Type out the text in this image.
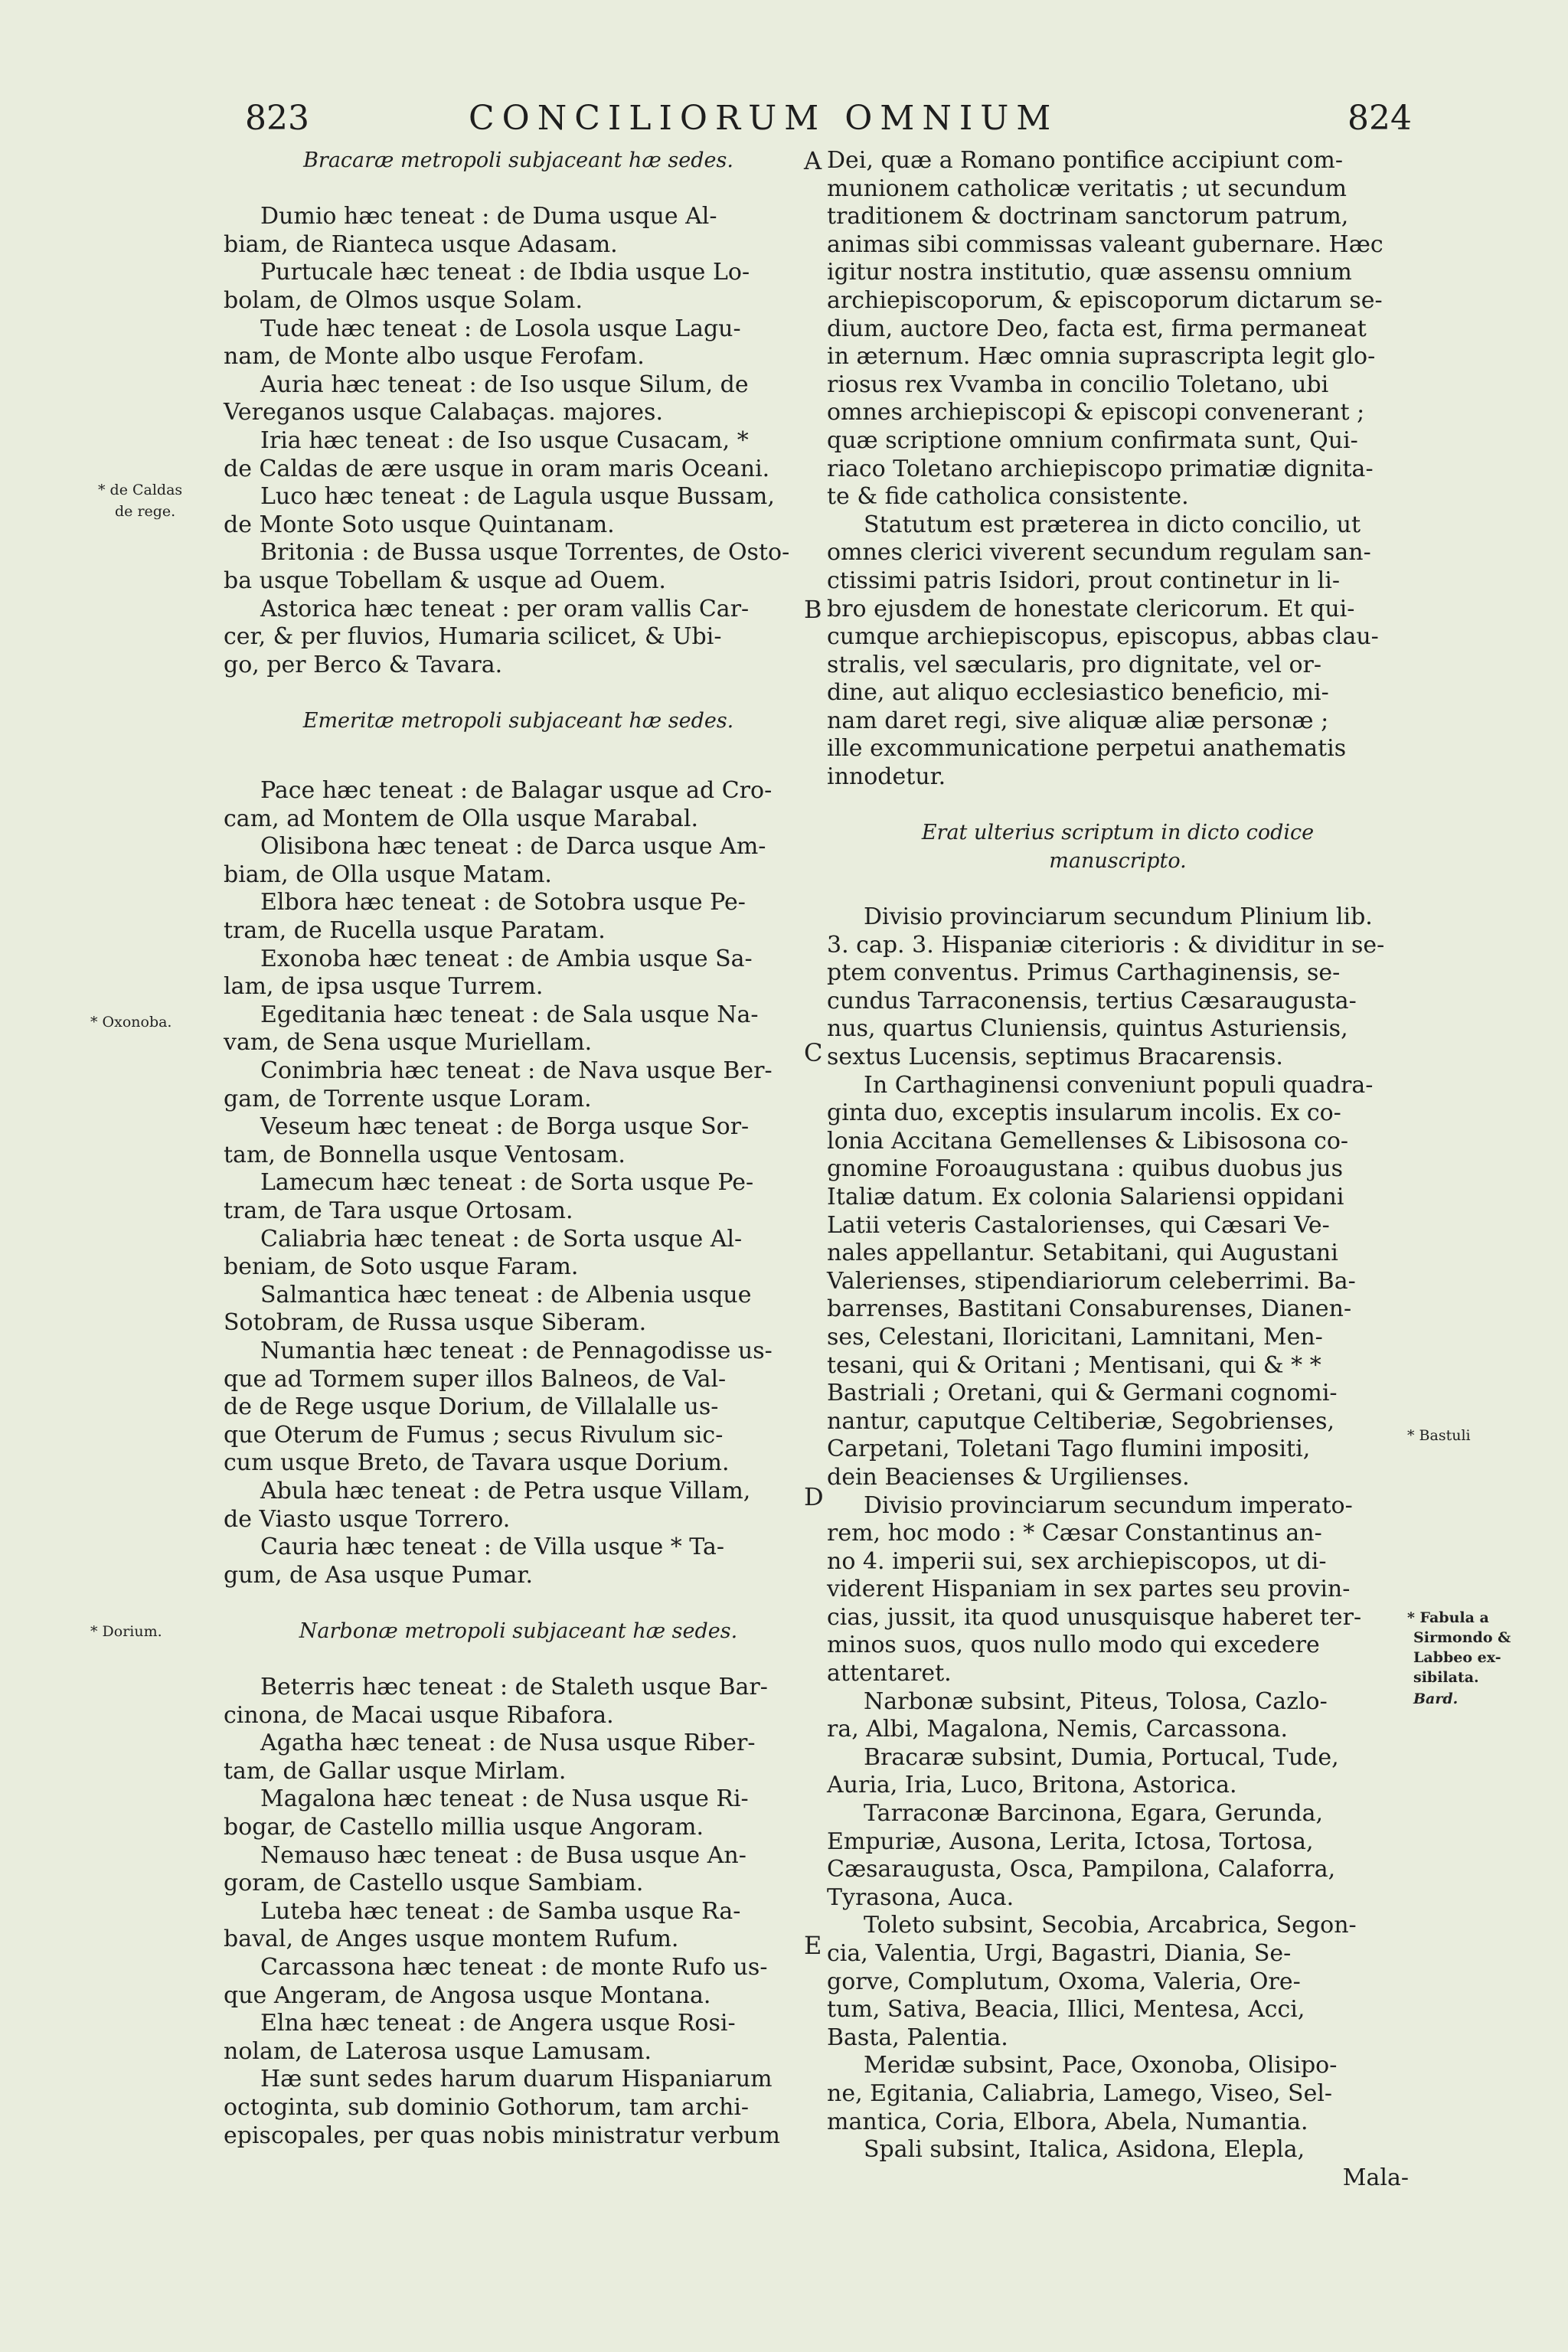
823	CONCILIORUM OMNIUM	824
Bracaræ metropoli subjaceant hæ sedes.
Dumio hæc teneat : de Duma usque Al-
biam, de Rianteca usque Adasam.
Purtucale hæc teneat : de Ibdia usque Lo-
bolam, de Olmos usque Solam.
Tude hæc teneat : de Losola usque Lagu-
nam, de Monte albo usque Ferofam.
Auria hæc teneat : de Iso usque Silum, de
Vereganos usque Calabaças. majores.
Iria hæc teneat : de Iso usque Cusacam, *
de Caldas de ære usque in oram maris Oceani.
Luco hæc teneat : de Lagula usque Bussam,
de Monte Soto usque Quintanam.
Britonia : de Bussa usque Torrentes, de Osto-
ba usque Tobellam & usque ad Ouem.
Astorica hæc teneat : per oram vallis Car-
cer, & per fluvios, Humaria scilicet, & Ubi-
go, per Berco & Tavara.
Emeritæ metropoli subjaceant hæ sedes.
Pace hæc teneat : de Balagar usque ad Cro-
cam, ad Montem de Olla usque Marabal.
Olisibona hæc teneat : de Darca usque Am-
biam, de Olla usque Matam.
Elbora hæc teneat : de Sotobra usque Pe-
tram, de Rucella usque Paratam.
Exonoba hæc teneat : de Ambia usque Sa-
lam, de ipsa usque Turrem.
Egeditania hæc teneat : de Sala usque Na-
vam, de Sena usque Muriellam.
Conimbria hæc teneat : de Nava usque Ber-
gam, de Torrente usque Loram.
Veseum hæc teneat : de Borga usque Sor-
tam, de Bonnella usque Ventosam.
Lamecum hæc teneat : de Sorta usque Pe-
tram, de Tara usque Ortosam.
Caliabria hæc teneat : de Sorta usque Al-
beniam, de Soto usque Faram.
Salmantica hæc teneat : de Albenia usque
Sotobram, de Russa usque Siberam.
Numantia hæc teneat : de Pennagodisse us-
que ad Tormem super illos Balneos, de Val-
de de Rege usque Dorium, de Villalalle us-
que Oterum de Fumus ; secus Rivulum sic-
cum usque Breto, de Tavara usque Dorium.
Abula hæc teneat : de Petra usque Villam,
de Viasto usque Torrero.
Cauria hæc teneat : de Villa usque * Ta-
gum, de Asa usque Pumar.
Narbonæ metropoli subjaceant hæ sedes.
Beterris hæc teneat : de Staleth usque Bar-
cinona, de Macai usque Ribafora.
Agatha hæc teneat : de Nusa usque Riber-
tam, de Gallar usque Mirlam.
Magalona hæc teneat : de Nusa usque Ri-
bogar, de Castello millia usque Angoram.
Nemauso hæc teneat : de Busa usque An-
goram, de Castello usque Sambiam.
Luteba hæc teneat : de Samba usque Ra-
baval, de Anges usque montem Rufum.
Carcassona hæc teneat : de monte Rufo us-
que Angeram, de Angosa usque Montana.
Elna hæc teneat : de Angera usque Rosi-
nolam, de Laterosa usque Lamusam.
Hæ sunt sedes harum duarum Hispaniarum
octoginta, sub dominio Gothorum, tam archi-
episcopales, per quas nobis ministratur verbum
Dei, quæ a Romano pontifice accipiunt com-
munionem catholicæ veritatis ; ut secundum
traditionem & doctrinam sanctorum patrum,
animas sibi commissas valeant gubernare. Hæc
igitur nostra institutio, quæ assensu omnium
archiepiscoporum, & episcoporum dictarum se-
dium, auctore Deo, facta est, firma permaneat
in æternum. Hæc omnia suprascripta legit glo-
riosus rex Vvamba in concilio Toletano, ubi
omnes archiepiscopi & episcopi convenerant ;
quæ scriptione omnium confirmata sunt, Qui-
riaco Toletano archiepiscopo primatiæ dignita-
te & fide catholica consistente.
Statutum est præterea in dicto concilio, ut
omnes clerici viverent secundum regulam san-
ctissimi patris Isidori, prout continetur in li-
bro ejusdem de honestate clericorum. Et qui-
cumque archiepiscopus, episcopus, abbas clau-
stralis, vel sæcularis, pro dignitate, vel or-
dine, aut aliquo ecclesiastico beneficio, mi-
nam daret regi, sive aliquæ aliæ personæ ;
ille excommunicatione perpetui anathematis
innodetur.
Erat ulterius scriptum in dicto codice
manuscripto.
Divisio provinciarum secundum Plinium lib.
3. cap. 3. Hispaniæ citerioris : & dividitur in se-
ptem conventus. Primus Carthaginensis, se-
cundus Tarraconensis, tertius Cæsaraugusta-
nus, quartus Cluniensis, quintus Asturiensis,
sextus Lucensis, septimus Bracarensis.
In Carthaginensi conveniunt populi quadra-
ginta duo, exceptis insularum incolis. Ex co-
lonia Accitana Gemellenses & Libisosona co-
gnomine Foroaugustana : quibus duobus jus
Italiæ datum. Ex colonia Salariensi oppidani
Latii veteris Castalorienses, qui Cæsari Ve-
nales appellantur. Setabitani, qui Augustani
Valerienses, stipendiariorum celeberrimi. Ba-
barrenses, Bastitani Consaburenses, Dianen-
ses, Celestani, Iloricitani, Lamnitani, Men-
tesani, qui & Oritani ; Mentisani, qui & * *
Bastriali ; Oretani, qui & Germani cognomi-
nantur, caputque Celtiberiæ, Segobrienses,
Carpetani, Toletani Tago flumini impositi,
dein Beacienses & Urgilienses.
Divisio provinciarum secundum imperato-
rem, hoc modo : * Cæsar Constantinus an-
no 4. imperii sui, sex archiepiscopos, ut di-
viderent Hispaniam in sex partes seu provin-
cias, jussit, ita quod unusquisque haberet ter-
minos suos, quos nullo modo qui excedere
attentaret.
Narbonæ subsint, Piteus, Tolosa, Cazlo-
ra, Albi, Magalona, Nemis, Carcassona.
Bracaræ subsint, Dumia, Portucal, Tude,
Auria, Iria, Luco, Britona, Astorica.
Tarraconæ Barcinona, Egara, Gerunda,
Empuriæ, Ausona, Lerita, Ictosa, Tortosa,
Cæsaraugusta, Osca, Pampilona, Calaforra,
Tyrasona, Auca.
Toleto subsint, Secobia, Arcabrica, Segon-
cia, Valentia, Urgi, Bagastri, Diania, Se-
gorve, Complutum, Oxoma, Valeria, Ore-
tum, Sativa, Beacia, Illici, Mentesa, Acci,
Basta, Palentia.
Meridæ subsint, Pace, Oxonoba, Olisipo-
ne, Egitania, Caliabria, Lamego, Viseo, Sel-
mantica, Coria, Elbora, Abela, Numantia.
Spali subsint, Italica, Asidona, Elepla,
Mala-
* de Caldas
de rege.
* Oxonoba.
* Dorium.
* Bastuli
* Fabula a
Sirmondo &
Labbeo ex-
sibilata.
Bard.
A
B
C
D
E
